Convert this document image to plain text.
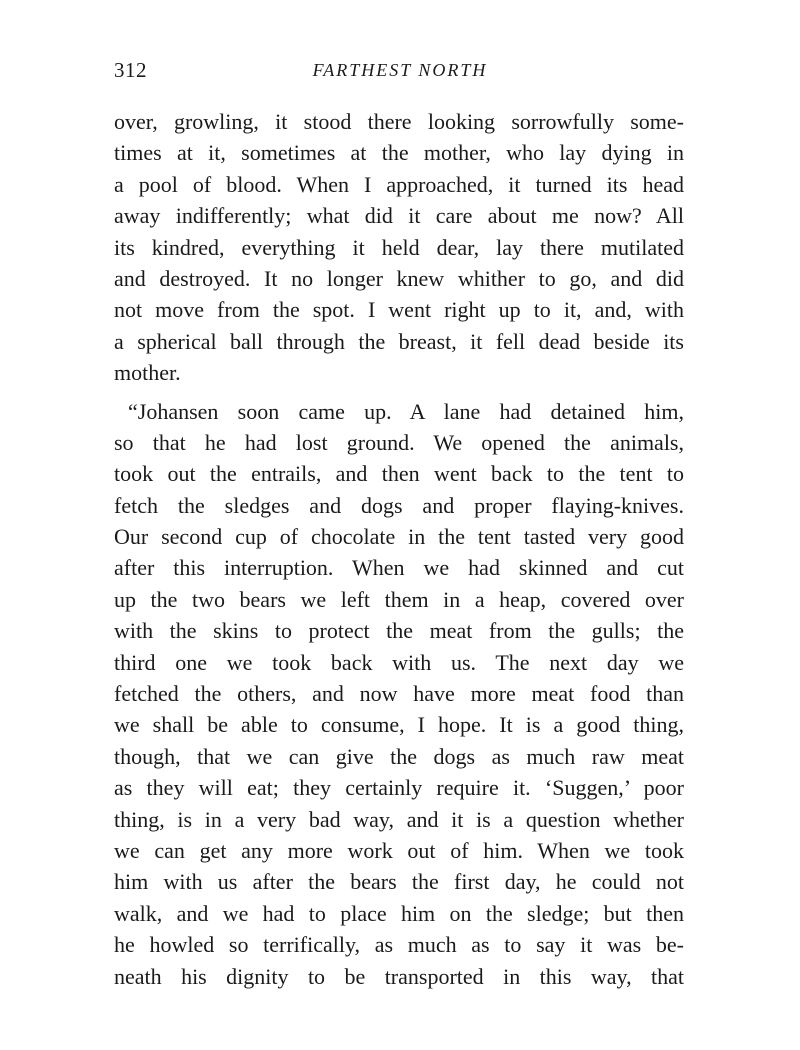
312	FARTHEST NORTH
over, growling, it stood there looking sorrowfully some-
times at it, sometimes at the mother, who lay dying in
a pool of blood. When I approached, it turned its head
away indifferently; what did it care about me now? All
its kindred, everything it held dear, lay there mutilated
and destroyed. It no longer knew whither to go, and did
not move from the spot. I went right up to it, and, with
a spherical ball through the breast, it fell dead beside its
mother.
“Johansen soon came up. A lane had detained him,
so that he had lost ground. We opened the animals,
took out the entrails, and then went back to the tent to
fetch the sledges and dogs and proper flaying-knives.
Our second cup of chocolate in the tent tasted very good
after this interruption. When we had skinned and cut
up the two bears we left them in a heap, covered over
with the skins to protect the meat from the gulls; the
third one we took back with us. The next day we
fetched the others, and now have more meat food than
we shall be able to consume, I hope. It is a good thing,
though, that we can give the dogs as much raw meat
as they will eat; they certainly require it. ‘Suggen,’ poor
thing, is in a very bad way, and it is a question whether
we can get any more work out of him. When we took
him with us after the bears the first day, he could not
walk, and we had to place him on the sledge; but then
he howled so terrifically, as much as to say it was be-
neath his dignity to be transported in this way, that
